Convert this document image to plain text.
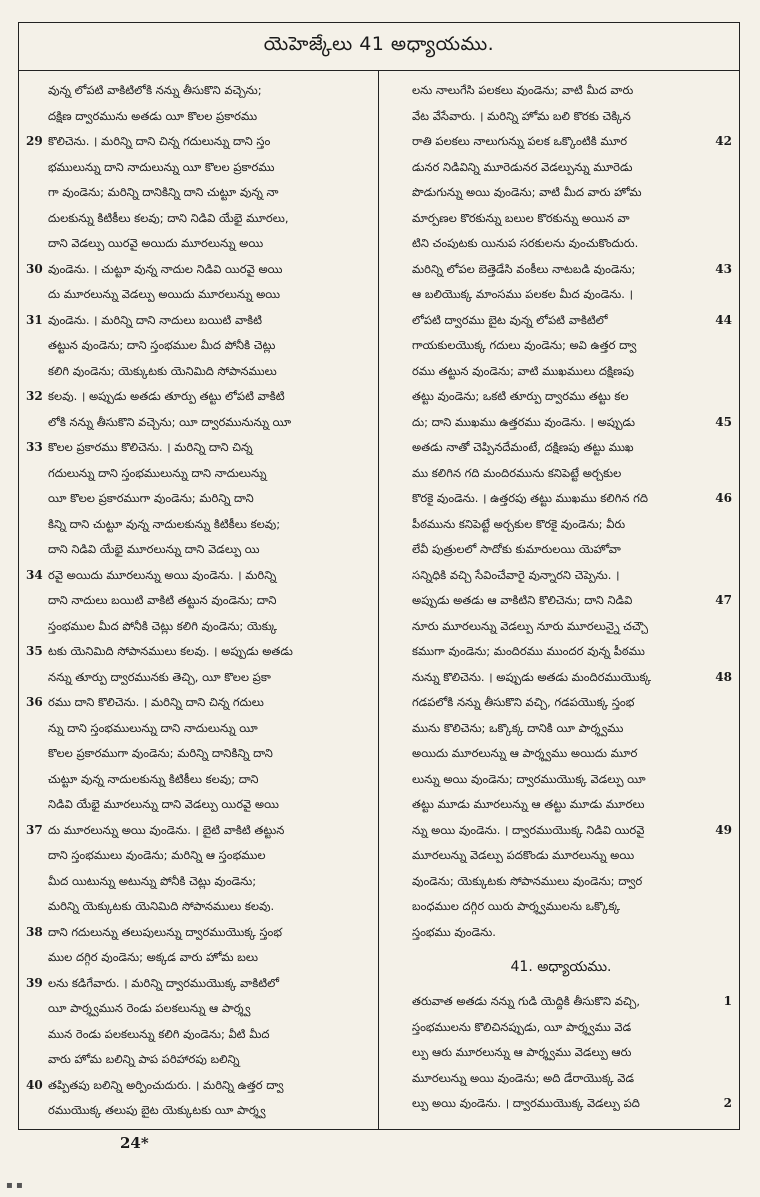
యెహెజ్కేలు 41 అధ్యాయము.
వున్న లోపటి వాకిటిలోకి నన్ను తీసుకొని వచ్చెను;
దక్షిణ ద్వారమును అతడు యీ కొలల ప్రకారము
29 కొలిచెను. । మరిన్ని దాని చిన్న గదులున్ను దాని స్తం
భములున్ను దాని నాదులున్ను యీ కొలల ప్రకారము
గా వుండెను; మరిన్ని దానికిన్ని దాని చుట్టూ వున్న నా
దులకున్ను కిటికీలు కలవు; దాని నిడివి యేభై మూరలు,
దాని వెడల్పు యిరవై అయిదు మూరలున్ను అయి
30 వుండెను. । చుట్టూ వున్న నాదుల నిడివి యిరవై అయి
దు మూరలున్ను వెడల్పు అయిదు మూరలున్ను అయి
31 వుండెను. । మరిన్ని దాని నాదులు బయిటి వాకిటి
తట్టున వుండెను; దాని స్తంభముల మీద పోనీకి చెట్లు
కలిగి వుండెను; యెక్కుటకు యెనిమిది సోపానములు
32 కలవు. । అప్పుడు అతడు తూర్పు తట్టు లోపటి వాకిటి
లోకి నన్ను తీసుకొని వచ్చెను; యీ ద్వారమునున్ను యీ
33 కొలల ప్రకారము కొలిచెను. । మరిన్ని దాని చిన్న
గదులున్ను దాని స్తంభములున్ను దాని నాదులున్ను
యీ కొలల ప్రకారముగా వుండెను; మరిన్ని దాని
కిన్ని దాని చుట్టూ వున్న నాదులకున్ను కిటికీలు కలవు;
దాని నిడివి యేభై మూరలున్ను దాని వెడల్పు యి
34 రవై అయిదు మూరలున్ను అయి వుండెను. । మరిన్ని
దాని నాదులు బయిటి వాకిటి తట్టున వుండెను; దాని
స్తంభముల మీద పోనీకి చెట్లు కలిగి వుండెను; యెక్కు
35 టకు యెనిమిది సోపానములు కలవు. । అప్పుడు అతడు
నన్ను తూర్పు ద్వారమునకు తెచ్చి, యీ కొలల ప్రకా
36 రము దాని కొలిచెను. । మరిన్ని దాని చిన్న గదులు
న్ను దాని స్తంభములున్ను దాని నాదులున్ను యీ
కొలల ప్రకారముగా వుండెను; మరిన్ని దానికిన్ని దాని
చుట్టూ వున్న నాదులకున్ను కిటికీలు కలవు; దాని
నిడివి యేభై మూరలున్ను దాని వెడల్పు యిరవై అయి
37 దు మూరలున్ను అయి వుండెను. । బైటి వాకిటి తట్టున
దాని స్తంభములు వుండెను; మరిన్ని ఆ స్తంభముల
మీద యిటున్ను అటున్ను పోనీకి చెట్లు వుండెను;
మరిన్ని యెక్కుటకు యెనిమిది సోపానములు కలవు.
38 దాని గదులున్ను తలుపులున్ను ద్వారముయొక్క స్తంభ
ముల దగ్గిర వుండెను; అక్కడ వారు హోమ బలు
39 లను కడిగేవారు. । మరిన్ని ద్వారముయొక్క వాకిటిలో
యీ పార్శ్వమున రెండు పలకలున్ను ఆ పార్శ్వ
మున రెండు పలకలున్ను కలిగి వుండెను; వీటి మీద
వారు హోమ బలిన్ని పాప పరిహారపు బలిన్ని
40 తప్పితపు బలిన్ని అర్పించుదురు. । మరిన్ని ఉత్తర ద్వా
రముయొక్క తలుపు బైట యెక్కుటకు యీ పార్శ్వ
లను నాలుగేసి పలకలు వుండెను; వాటి మీద వారు
వేట వేసేవారు. । మరిన్ని హోమ బలి కొరకు చెక్కిన
42
రాతి పలకలు నాలుగున్ను పలక ఒక్కొంటికి మూర
డునర నిడివిన్ని మూరెడునర వెడల్పున్ను మూరెడు
పొడుగున్ను అయి వుండెను; వాటి మీద వారు హోమ
మార్పణల కొరకున్ను బలుల కొరకున్ను అయిన వా
టిని చంపుటకు యినుప సరకులను వుంచుకొందురు.
43
మరిన్ని లోపల బెత్తెడేసి వంకీలు నాటబడి వుండెను;
ఆ బలియొక్క మాంసము పలకల మీద వుండెను. ।
44
లోపటి ద్వారము బైట వున్న లోపటి వాకిటిలో
గాయకులయొక్క గదులు వుండెను; అవి ఉత్తర ద్వా
రము తట్టున వుండెను; వాటి ముఖములు దక్షిణపు
తట్టు వుండెను; ఒకటి తూర్పు ద్వారము తట్టు కల
45
దు; దాని ముఖము ఉత్తరము వుండెను. । అప్పుడు
అతడు నాతో చెప్పినదేమంటే, దక్షిణపు తట్టు ముఖ
ము కలిగిన గది మందిరమును కనిపెట్టే అర్చకుల
46
కొరకై వుండెను. । ఉత్తరపు తట్టు ముఖము కలిగిన గది
పీఠమును కనిపెట్టే అర్చకుల కొరకై వుండెను; వీరు
లేవీ పుత్రులలో సాదోకు కుమారులయి యెహోవా
సన్నిధికి వచ్చి సేవించేవారై వున్నారని చెప్పెను. ।
47
అప్పుడు అతడు ఆ వాకిటిని కొలిచెను; దాని నిడివి
నూరు మూరలున్ను వెడల్పు నూరు మూరలున్నై చచ్చౌ
కముగా వుండెను; మందిరము ముందర వున్న పీఠము
48
నున్ను కొలిచెను. । అప్పుడు అతడు మందిరముయొక్క
గడపలోకి నన్ను తీసుకొని వచ్చి, గడపయొక్క స్తంభ
మును కొలిచెను; ఒక్కొక్క దానికి యీ పార్శ్వము
అయిదు మూరలున్ను ఆ పార్శ్వము అయిదు మూర
లున్ను అయి వుండెను; ద్వారముయొక్క వెడల్పు యీ
తట్టు మూడు మూరలున్ను ఆ తట్టు మూడు మూరలు
49
న్ను అయి వుండెను. । ద్వారముయొక్క నిడివి యిరవై
మూరలున్ను వెడల్పు పదకొండు మూరలున్ను అయి
వుండెను; యెక్కుటకు సోపానములు వుండెను; ద్వార
బంధముల దగ్గిర యిరు పార్శ్వములను ఒక్కొక్క
స్తంభము వుండెను.
41. అధ్యాయము.
1
తరువాత అతడు నన్ను గుడి యెద్దికి తీసుకొని వచ్చి,
స్తంభములను కొలిచినప్పుడు, యీ పార్శ్వము వెడ
ల్పు ఆరు మూరలున్ను ఆ పార్శ్వము వెడల్పు ఆరు
మూరలున్ను అయి వుండెను; అది డేరాయొక్క వెడ
2
ల్పు అయి వుండెను. । ద్వారముయొక్క వెడల్పు పది
24*
▪ ▪
